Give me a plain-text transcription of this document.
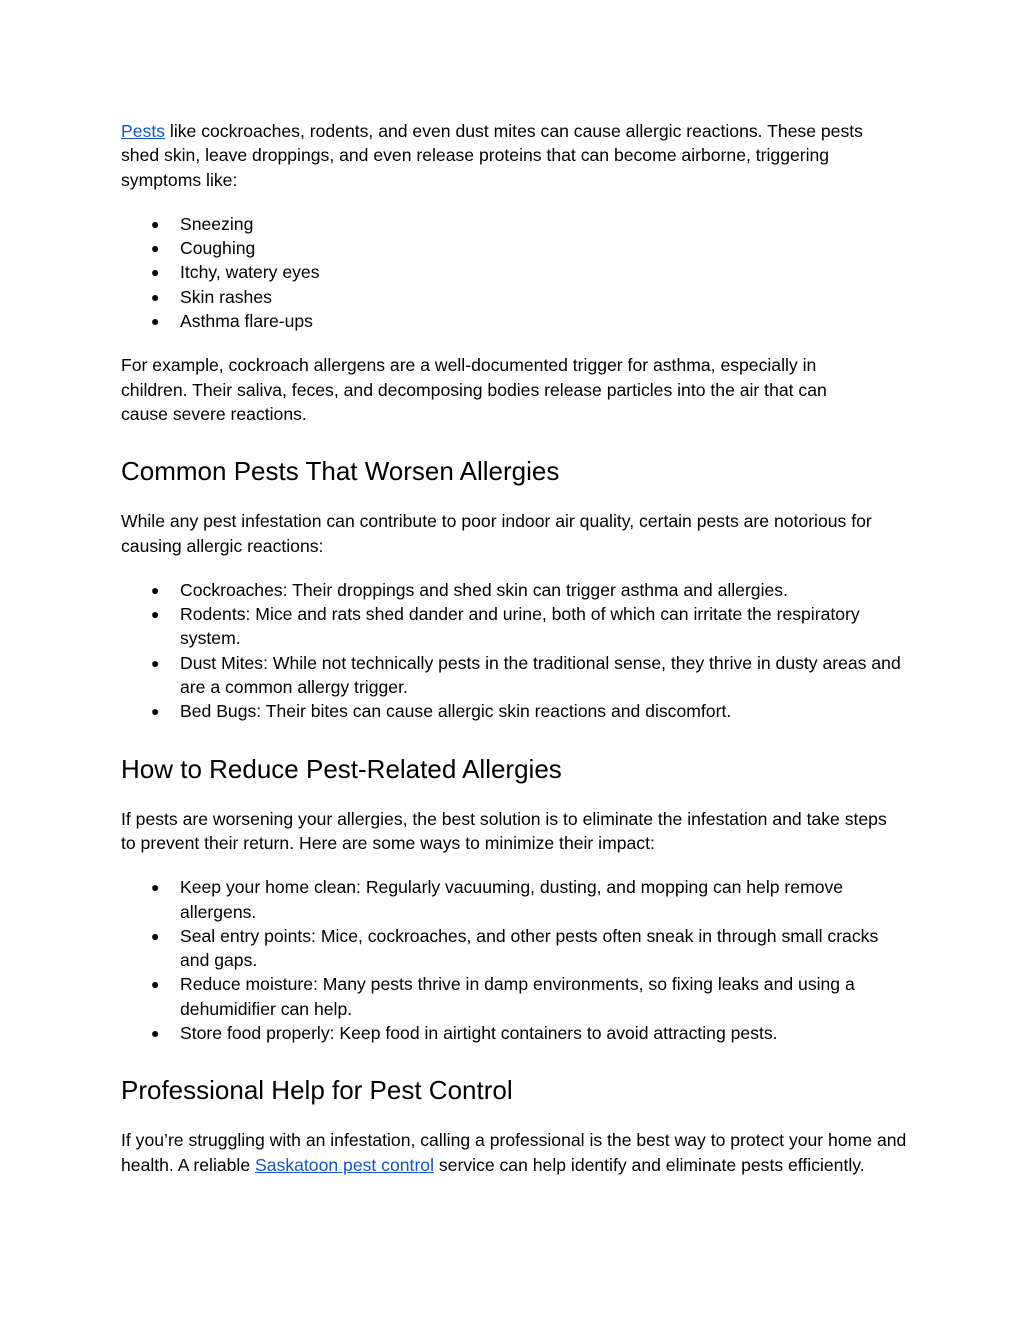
Pests like cockroaches, rodents, and even dust mites can cause allergic reactions. These pests shed skin, leave droppings, and even release proteins that can become airborne, triggering symptoms like:

● Sneezing
● Coughing
● Itchy, watery eyes
● Skin rashes
● Asthma flare-ups

For example, cockroach allergens are a well-documented trigger for asthma, especially in children. Their saliva, feces, and decomposing bodies release particles into the air that can cause severe reactions.

Common Pests That Worsen Allergies

While any pest infestation can contribute to poor indoor air quality, certain pests are notorious for causing allergic reactions:

● Cockroaches: Their droppings and shed skin can trigger asthma and allergies.
● Rodents: Mice and rats shed dander and urine, both of which can irritate the respiratory system.
● Dust Mites: While not technically pests in the traditional sense, they thrive in dusty areas and are a common allergy trigger.
● Bed Bugs: Their bites can cause allergic skin reactions and discomfort.
How to Reduce Pest-Related Allergies

If pests are worsening your allergies, the best solution is to eliminate the infestation and take steps to prevent their return. Here are some ways to minimize their impact:

● Keep your home clean: Regularly vacuuming, dusting, and mopping can help remove allergens.
● Seal entry points: Mice, cockroaches, and other pests often sneak in through small cracks and gaps.
● Reduce moisture: Many pests thrive in damp environments, so fixing leaks and using a dehumidifier can help.
● Store food properly: Keep food in airtight containers to avoid attracting pests.
Professional Help for Pest Control

If you’re struggling with an infestation, calling a professional is the best way to protect your home and health. A reliable Saskatoon pest control service can help identify and eliminate pests efficiently.
